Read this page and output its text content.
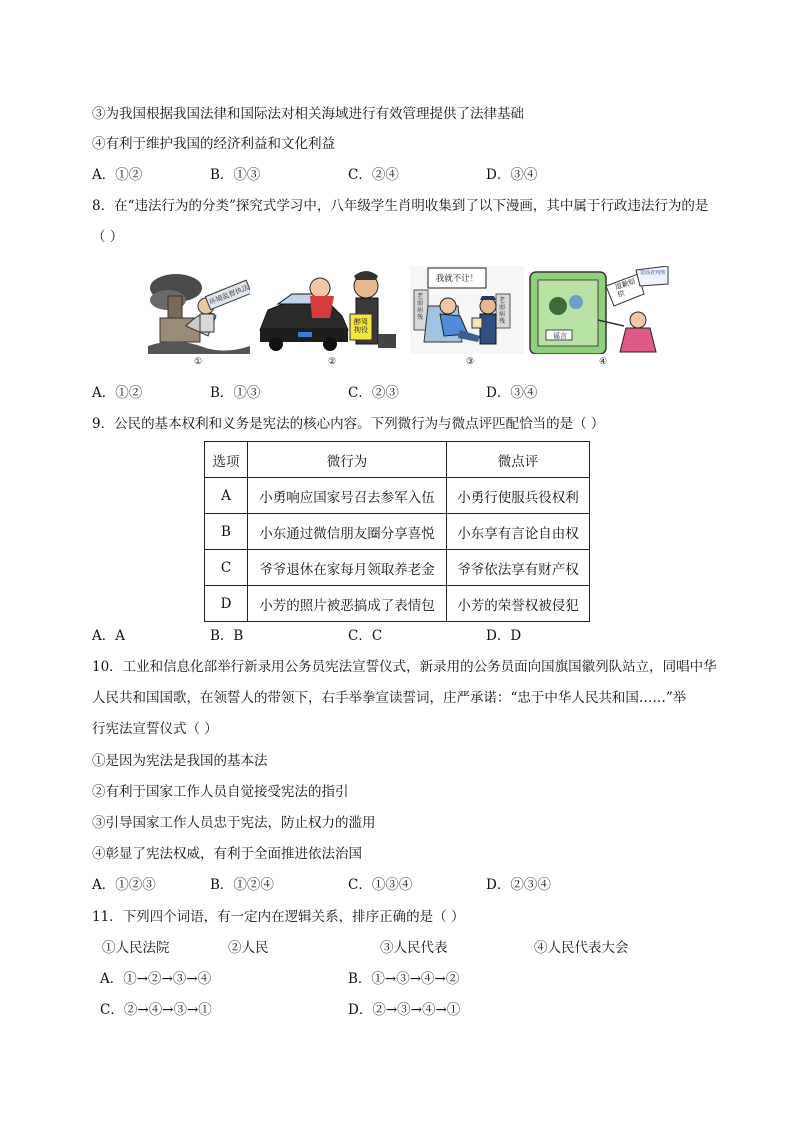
③为我国根据我国法律和国际法对相关海域进行有效管理提供了法律基础
④有利于维护我国的经济利益和文化利益
A．①②	B．①③	C．②④	D．③④
8．在“违法行为的分类”探究式学习中，八年级学生肖明收集到了以下漫画，其中属于行政违法行为的是
（ ）
环境监督执法
①
醉驾拘役
②
我就不让！
老弱病残
老弱病残
③
道歉赔偿
谣言
造谣者判刑
④
A．①②	B．①③	C．②③	D．③④
9．公民的基本权利和义务是宪法的核心内容。下列微行为与微点评匹配恰当的是（ ）
选项	微行为	微点评
A	小勇响应国家号召去参军入伍	小勇行使服兵役权利
B	小东通过微信朋友圈分享喜悦	小东享有言论自由权
C	爷爷退休在家每月领取养老金	爷爷依法享有财产权
D	小芳的照片被恶搞成了表情包	小芳的荣誉权被侵犯
A．A	B．B	C．C	D．D
10．工业和信息化部举行新录用公务员宪法宣誓仪式，新录用的公务员面向国旗国徽列队站立，同唱中华
人民共和国国歌，在领誓人的带领下，右手举拳宣读誓词，庄严承诺：“忠于中华人民共和国……”举
行宪法宣誓仪式（ ）
①是因为宪法是我国的基本法
②有利于国家工作人员自觉接受宪法的指引
③引导国家工作人员忠于宪法，防止权力的滥用
④彰显了宪法权威，有利于全面推进依法治国
A．①②③	B．①②④	C．①③④	D．②③④
11．下列四个词语，有一定内在逻辑关系，排序正确的是（ ）
①人民法院	②人民	③人民代表	④人民代表大会
A．①→②→③→④	B．①→③→④→②
C．②→④→③→①	D．②→③→④→①
